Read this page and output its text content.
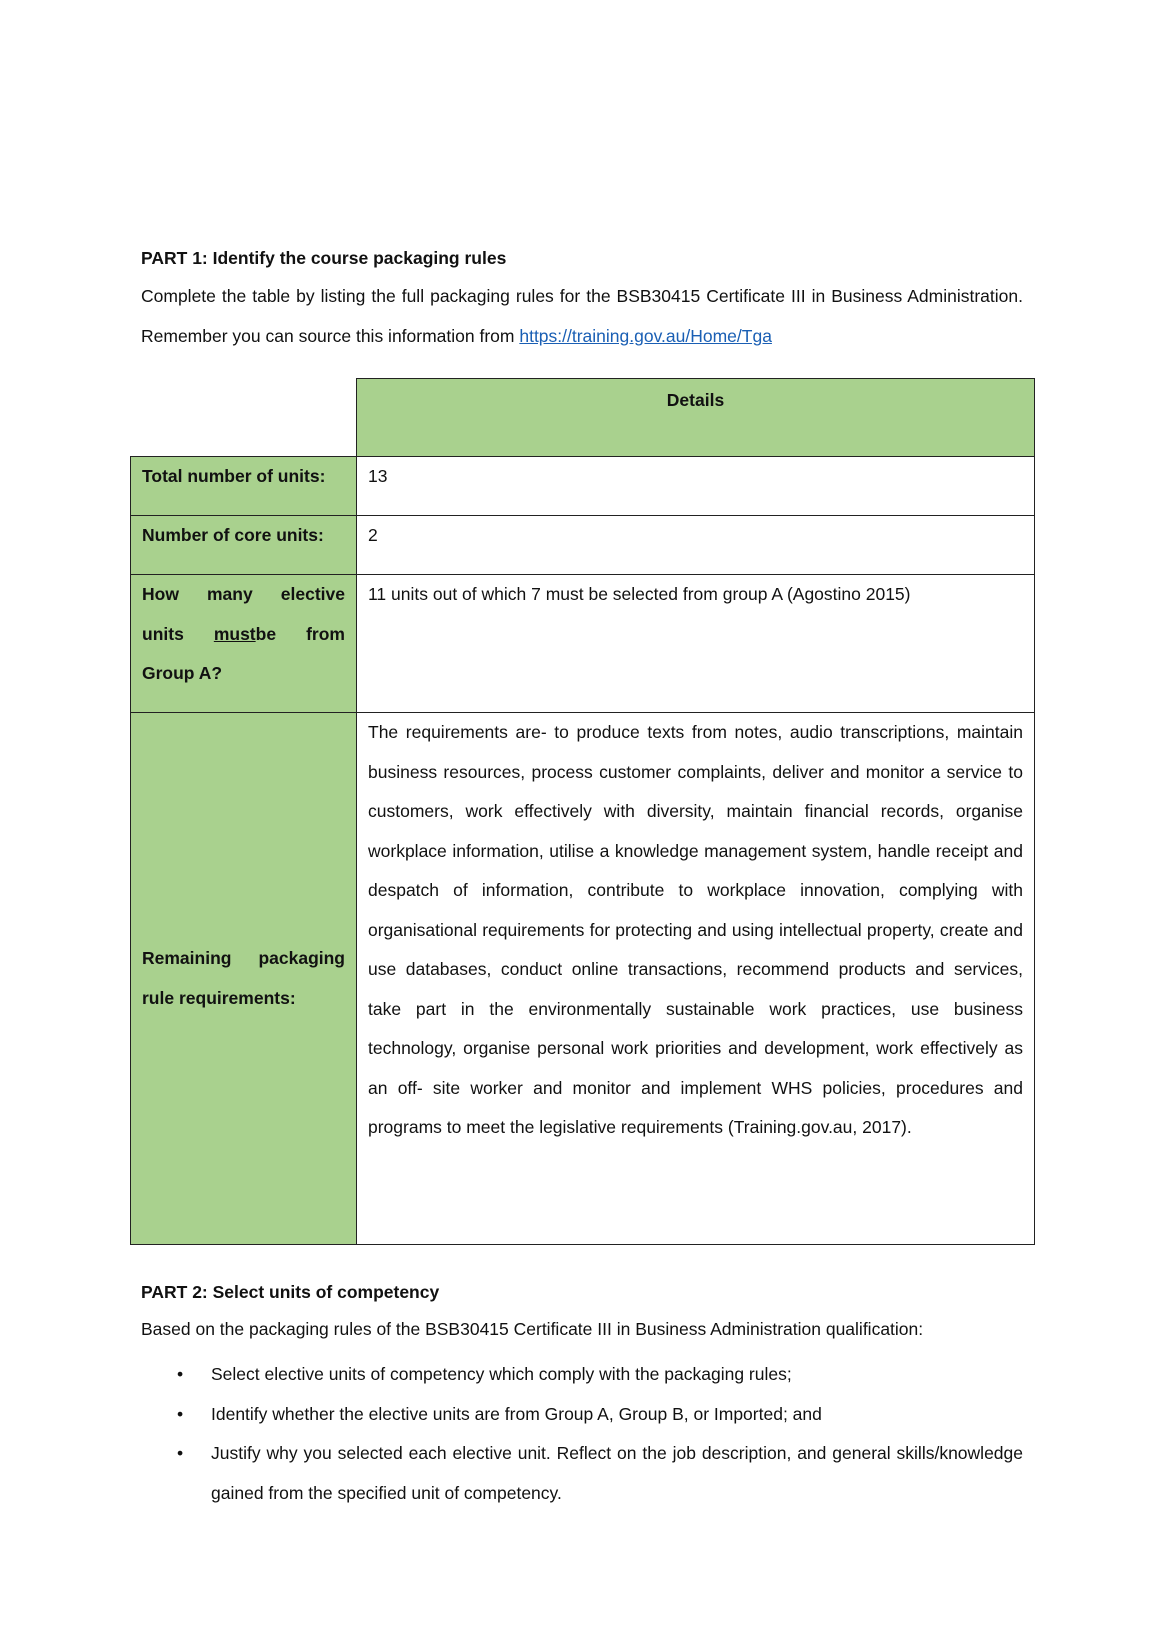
PART 1: Identify the course packaging rules
Complete the table by listing the full packaging rules for the BSB30415 Certificate III in Business Administration. Remember you can source this information from https://training.gov.au/Home/Tga
	Details
Total number of units:	13
Number of core units:	2
How many elective units mustbe from Group A?	11 units out of which 7 must be selected from group A (Agostino 2015)
Remaining packaging rule requirements:	The requirements are- to produce texts from notes, audio transcriptions, maintain business resources, process customer complaints, deliver and monitor a service to customers, work effectively with diversity, maintain financial records, organise workplace information, utilise a knowledge management system, handle receipt and despatch of information, contribute to workplace innovation, complying with organisational requirements for protecting and using intellectual property, create and use databases, conduct online transactions, recommend products and services, take part in the environmentally sustainable work practices, use business technology, organise personal work priorities and development, work effectively as an off- site worker and monitor and implement WHS policies, procedures and programs to meet the legislative requirements (Training.gov.au, 2017).
PART 2: Select units of competency
Based on the packaging rules of the BSB30415 Certificate III in Business Administration qualification:
• Select elective units of competency which comply with the packaging rules;
• Identify whether the elective units are from Group A, Group B, or Imported; and
• Justify why you selected each elective unit. Reflect on the job description, and general skills/knowledge gained from the specified unit of competency.
